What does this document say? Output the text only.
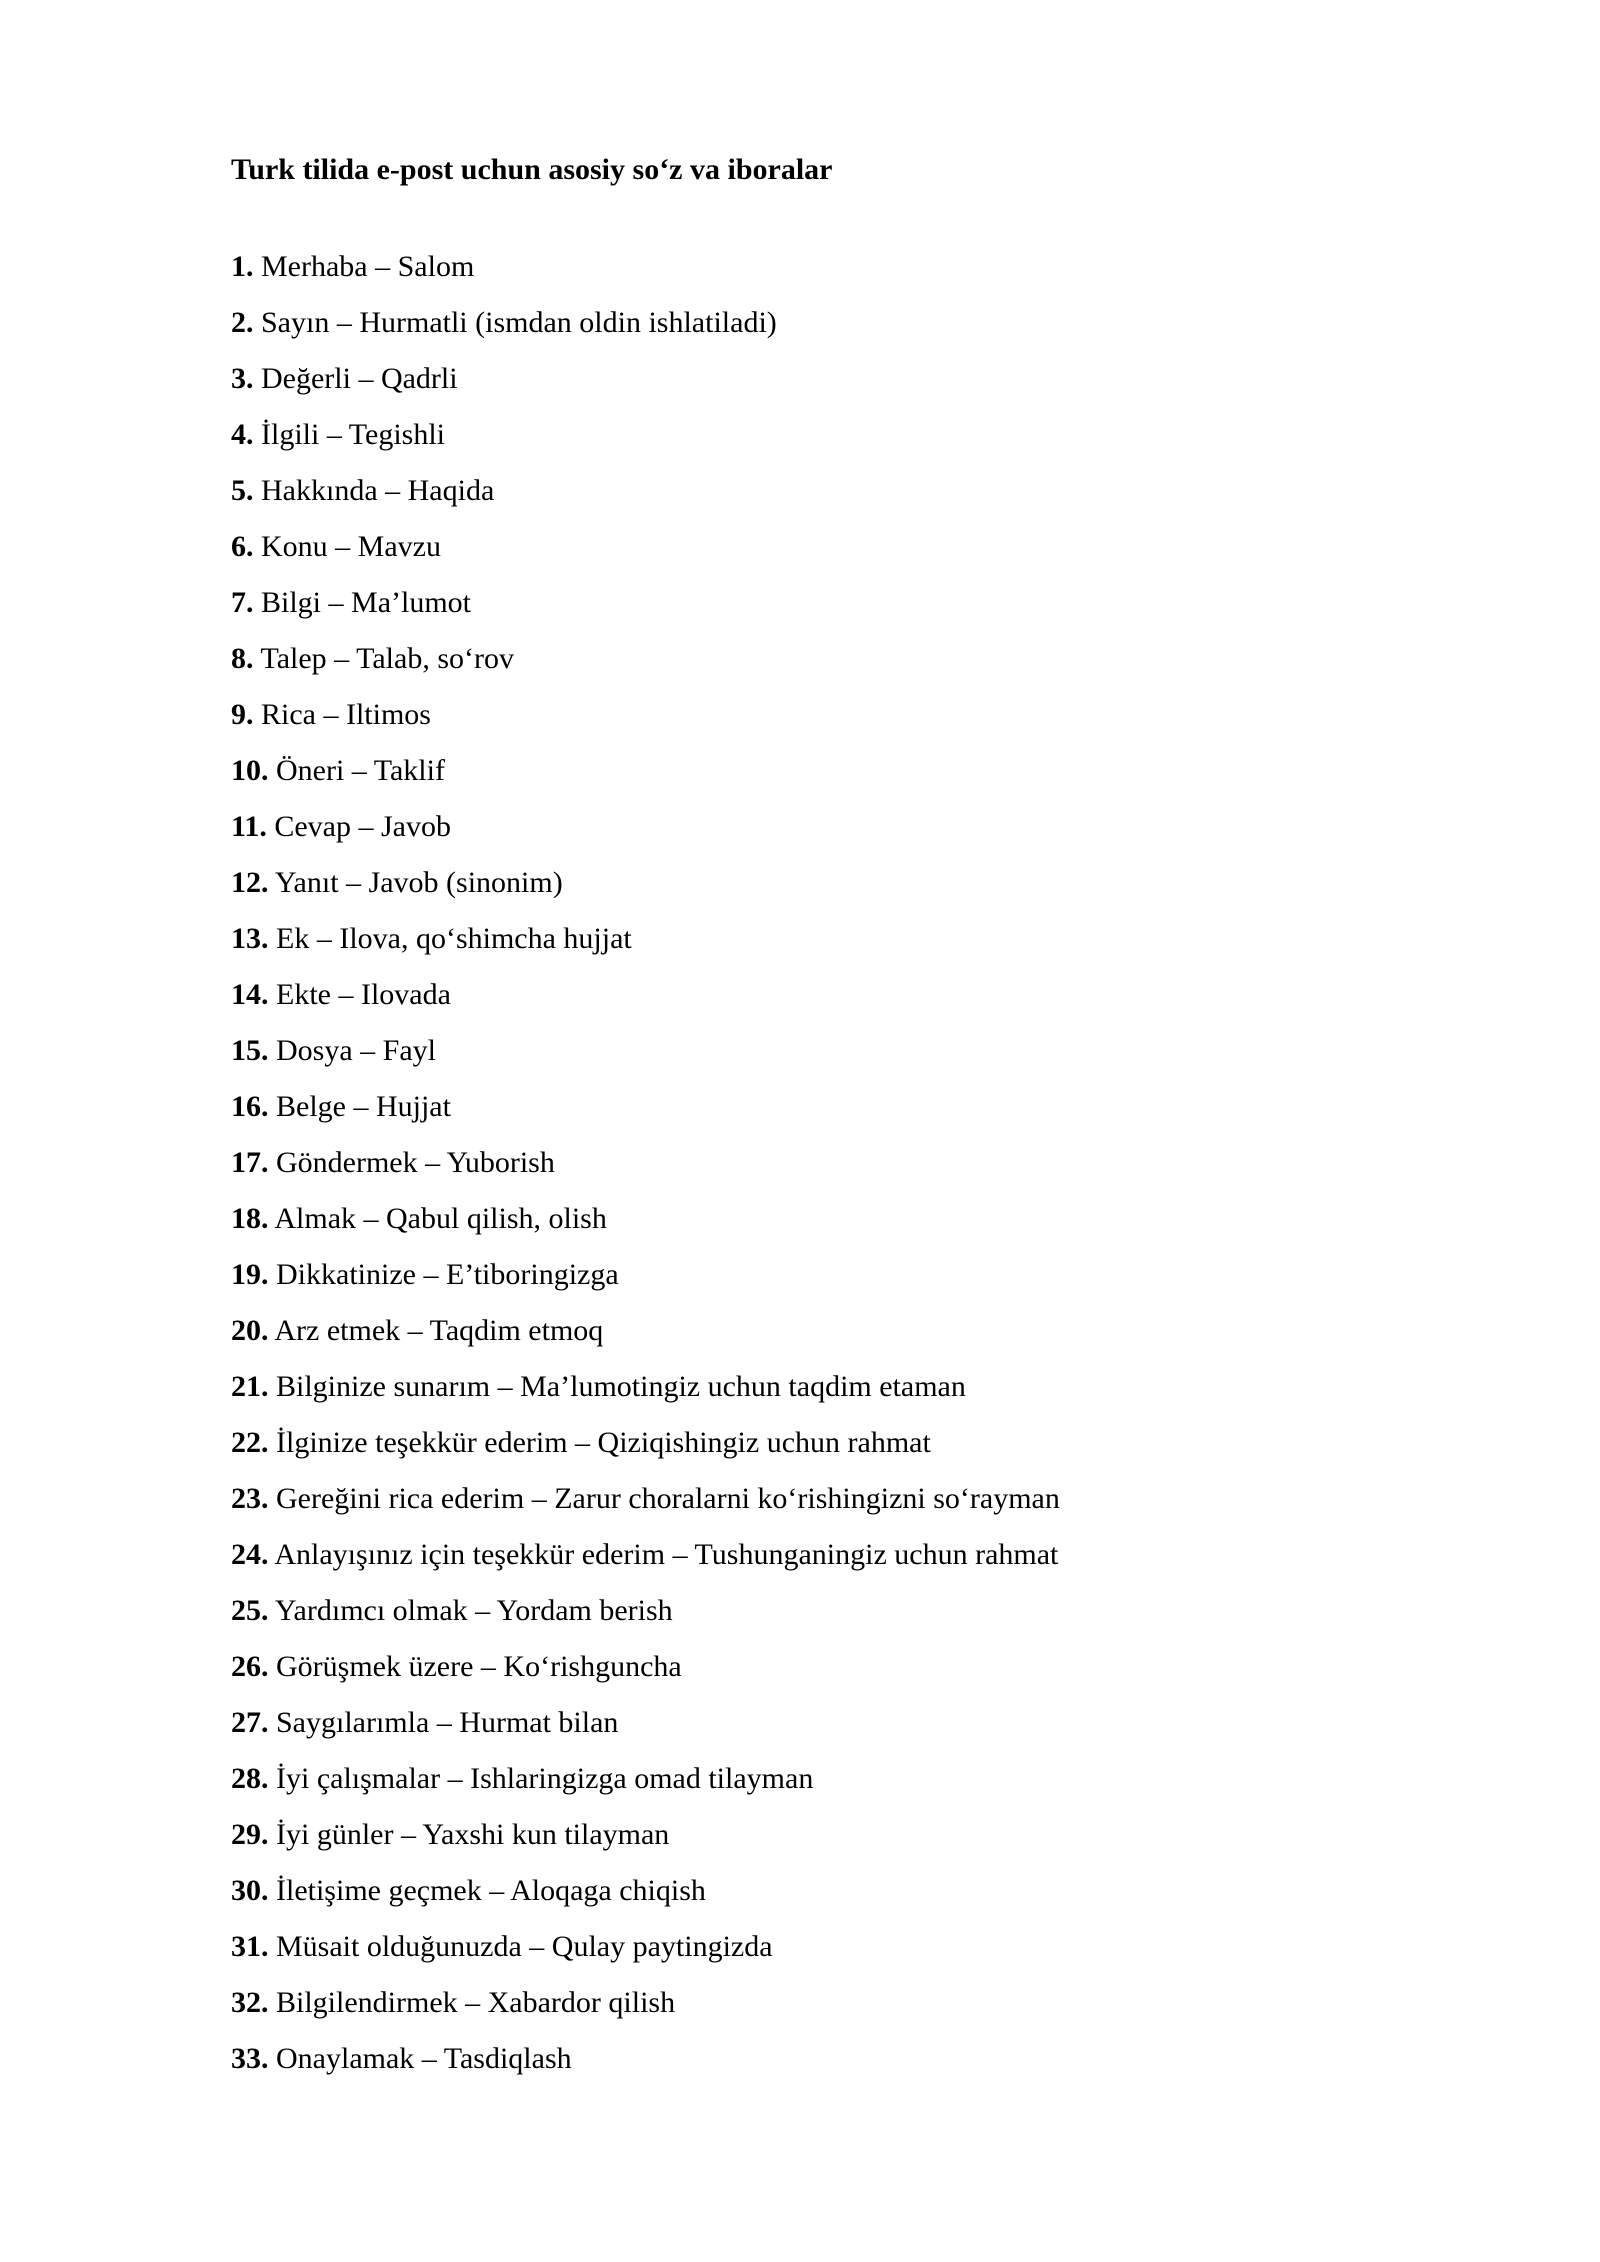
Turk tilida e-post uchun asosiy so‘z va iboralar
1. Merhaba – Salom
2. Sayın – Hurmatli (ismdan oldin ishlatiladi)
3. Değerli – Qadrli
4. İlgili – Tegishli
5. Hakkında – Haqida
6. Konu – Mavzu
7. Bilgi – Ma’lumot
8. Talep – Talab, so‘rov
9. Rica – Iltimos
10. Öneri – Taklif
11. Cevap – Javob
12. Yanıt – Javob (sinonim)
13. Ek – Ilova, qo‘shimcha hujjat
14. Ekte – Ilovada
15. Dosya – Fayl
16. Belge – Hujjat
17. Göndermek – Yuborish
18. Almak – Qabul qilish, olish
19. Dikkatinize – E’tiboringizga
20. Arz etmek – Taqdim etmoq
21. Bilginize sunarım – Ma’lumotingiz uchun taqdim etaman
22. İlginize teşekkür ederim – Qiziqishingiz uchun rahmat
23. Gereğini rica ederim – Zarur choralarni ko‘rishingizni so‘rayman
24. Anlayışınız için teşekkür ederim – Tushunganingiz uchun rahmat
25. Yardımcı olmak – Yordam berish
26. Görüşmek üzere – Ko‘rishguncha
27. Saygılarımla – Hurmat bilan
28. İyi çalışmalar – Ishlaringizga omad tilayman
29. İyi günler – Yaxshi kun tilayman
30. İletişime geçmek – Aloqaga chiqish
31. Müsait olduğunuzda – Qulay paytingizda
32. Bilgilendirmek – Xabardor qilish
33. Onaylamak – Tasdiqlash
